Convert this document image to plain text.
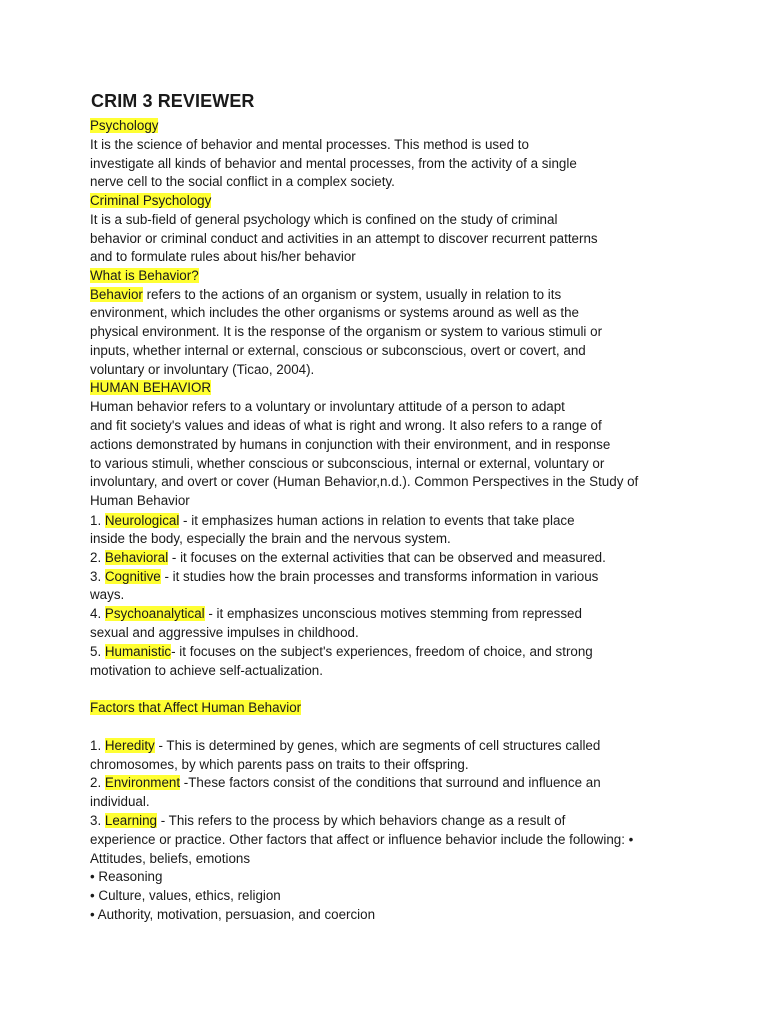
CRIM 3 REVIEWER
Psychology
It is the science of behavior and mental processes. This method is used to
investigate all kinds of behavior and mental processes, from the activity of a single
nerve cell to the social conflict in a complex society.
Criminal Psychology
It is a sub-field of general psychology which is confined on the study of criminal
behavior or criminal conduct and activities in an attempt to discover recurrent patterns
and to formulate rules about his/her behavior
What is Behavior?
Behavior refers to the actions of an organism or system, usually in relation to its
environment, which includes the other organisms or systems around as well as the
physical environment. It is the response of the organism or system to various stimuli or
inputs, whether internal or external, conscious or subconscious, overt or covert, and
voluntary or involuntary (Ticao, 2004).
HUMAN BEHAVIOR
Human behavior refers to a voluntary or involuntary attitude of a person to adapt
and fit society's values and ideas of what is right and wrong. It also refers to a range of
actions demonstrated by humans in conjunction with their environment, and in response
to various stimuli, whether conscious or subconscious, internal or external, voluntary or
involuntary, and overt or cover (Human Behavior,n.d.). Common Perspectives in the Study of
Human Behavior
1. Neurological - it emphasizes human actions in relation to events that take place
inside the body, especially the brain and the nervous system.
2. Behavioral - it focuses on the external activities that can be observed and measured.
3. Cognitive - it studies how the brain processes and transforms information in various
ways.
4. Psychoanalytical - it emphasizes unconscious motives stemming from repressed
sexual and aggressive impulses in childhood.
5. Humanistic- it focuses on the subject's experiences, freedom of choice, and strong
motivation to achieve self-actualization.
Factors that Affect Human Behavior
1. Heredity - This is determined by genes, which are segments of cell structures called
chromosomes, by which parents pass on traits to their offspring.
2. Environment -These factors consist of the conditions that surround and influence an
individual.
3. Learning - This refers to the process by which behaviors change as a result of
experience or practice. Other factors that affect or influence behavior include the following: •
Attitudes, beliefs, emotions
• Reasoning
• Culture, values, ethics, religion
• Authority, motivation, persuasion, and coercion
